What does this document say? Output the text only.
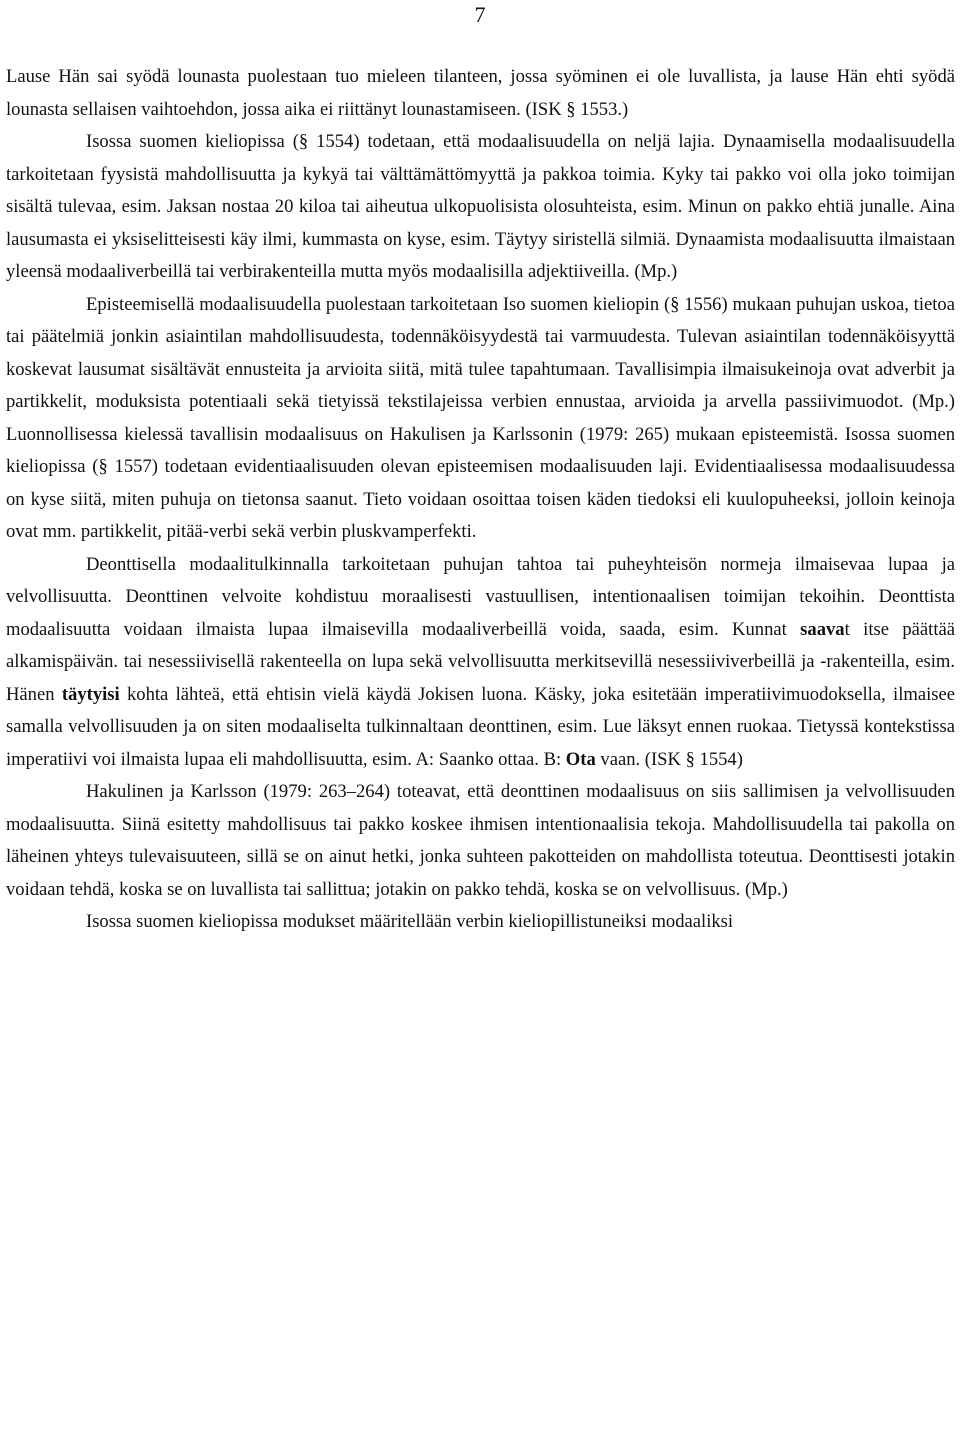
7

Lause Hän sai syödä lounasta puolestaan tuo mieleen tilanteen, jossa syöminen ei ole luvallista, ja lause Hän ehti syödä lounasta sellaisen vaihtoehdon, jossa aika ei riittänyt lounastamiseen. (ISK § 1553.)

Isossa suomen kieliopissa (§ 1554) todetaan, että modaalisuudella on neljä lajia. Dynaamisella modaalisuudella tarkoitetaan fyysistä mahdollisuutta ja kykyä tai välttämättömyyttä ja pakkoa toimia. Kyky tai pakko voi olla joko toimijan sisältä tulevaa, esim. Jaksan nostaa 20 kiloa tai aiheutua ulkopuolisista olosuhteista, esim. Minun on pakko ehtiä junalle. Aina lausumasta ei yksiselitteisesti käy ilmi, kummasta on kyse, esim. Täytyy siristellä silmiä. Dynaamista modaalisuutta ilmaistaan yleensä modaaliverbeillä tai verbirakenteilla mutta myös modaalisilla adjektiiveilla. (Mp.)

Episteemisellä modaalisuudella puolestaan tarkoitetaan Iso suomen kieliopin (§ 1556) mukaan puhujan uskoa, tietoa tai päätelmiä jonkin asiaintilan mahdollisuudesta, todennäköisyydestä tai varmuudesta. Tulevan asiaintilan todennäköisyyttä koskevat lausumat sisältävät ennusteita ja arvioita siitä, mitä tulee tapahtumaan. Tavallisimpia ilmaisukeinoja ovat adverbit ja partikkelit, moduksista potentiaali sekä tietyissä tekstilajeissa verbien ennustaa, arvioida ja arvella passiivimuodot. (Mp.) Luonnollisessa kielessä tavallisin modaalisuus on Hakulisen ja Karlssonin (1979: 265) mukaan episteemistä. Isossa suomen kieliopissa (§ 1557) todetaan evidentiaalisuuden olevan episteemisen modaalisuuden laji. Evidentiaalisessa modaalisuudessa on kyse siitä, miten puhuja on tietonsa saanut. Tieto voidaan osoittaa toisen käden tiedoksi eli kuulopuheeksi, jolloin keinoja ovat mm. partikkelit, pitää-verbi sekä verbin pluskvamperfekti.

Deonttisella modaalitulkinnalla tarkoitetaan puhujan tahtoa tai puheyhteisön normeja ilmaisevaa lupaa ja velvollisuutta. Deonttinen velvoite kohdistuu moraalisesti vastuullisen, intentionaalisen toimijan tekoihin. Deonttista modaalisuutta voidaan ilmaista lupaa ilmaisevilla modaaliverbeillä voida, saada, esim. Kunnat saavat itse päättää alkamispäivän. tai nesessiivisellä rakenteella on lupa sekä velvollisuutta merkitsevillä nesessiiviverbeillä ja -rakenteilla, esim. Hänen täytyisi kohta lähteä, että ehtisin vielä käydä Jokisen luona. Käsky, joka esitetään imperatiivimuodoksella, ilmaisee samalla velvollisuuden ja on siten modaaliselta tulkinnaltaan deonttinen, esim. Lue läksyt ennen ruokaa. Tietyssä kontekstissa imperatiivi voi ilmaista lupaa eli mahdollisuutta, esim. A: Saanko ottaa. B: Ota vaan. (ISK § 1554)

Hakulinen ja Karlsson (1979: 263–264) toteavat, että deonttinen modaalisuus on siis sallimisen ja velvollisuuden modaalisuutta. Siinä esitetty mahdollisuus tai pakko koskee ihmisen intentionaalisia tekoja. Mahdollisuudella tai pakolla on läheinen yhteys tulevaisuuteen, sillä se on ainut hetki, jonka suhteen pakotteiden on mahdollista toteutua. Deonttisesti jotakin voidaan tehdä, koska se on luvallista tai sallittua; jotakin on pakko tehdä, koska se on velvollisuus. (Mp.)

Isossa suomen kieliopissa modukset määritellään verbin kieliopillistuneiksi modaaliksi
